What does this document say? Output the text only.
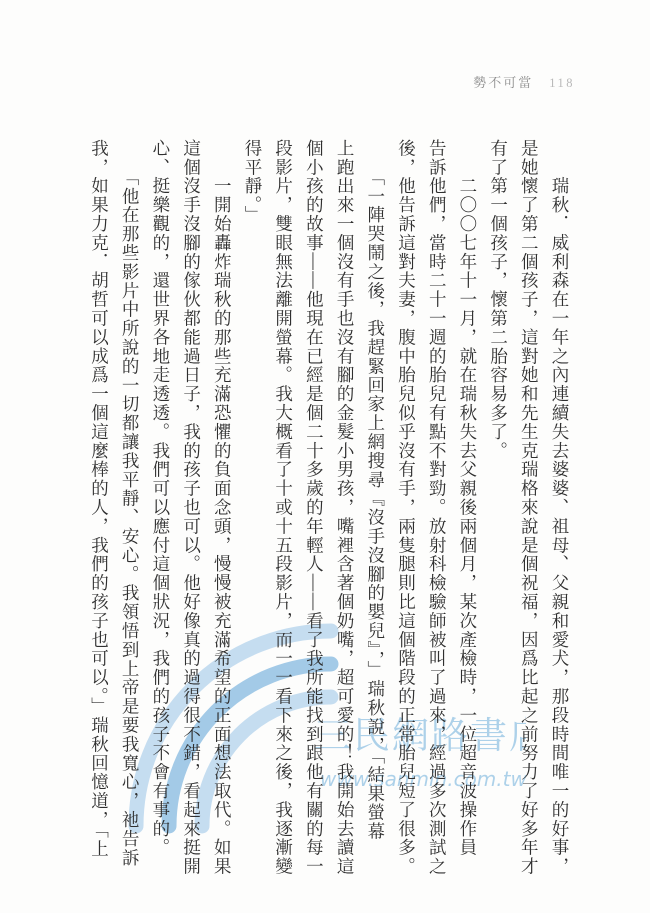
勢不可當 118
三民網路書店
www.sanmin.com.tw	　　瑞秋．威利森在一年之內連續失去婆婆、祖母、父親和愛犬，那段時間唯一的好事，
是她懷了第二個孩子，這對她和先生克瑞格來說是個祝福，因爲比起之前努力了好多年才
有了第一個孩子，懷第二胎容易多了。
　　二〇〇七年十一月，就在瑞秋失去父親後兩個月，某次產檢時，一位超音波操作員
告訴他們，當時二十一週的胎兒有點不對勁。放射科檢驗師被叫了過來，經過多次測試之
後，他告訴這對夫妻，腹中胎兒似乎沒有手，兩隻腿則比這個階段的正常胎兒短了很多。
　　「一陣哭鬧之後，我趕緊回家上網搜尋『沒手沒腳的嬰兒』，」瑞秋說，「結果螢幕
上跑出來一個沒有手也沒有腳的金髮小男孩，嘴裡含著個奶嘴，超可愛的！我開始去讀這
個小孩的故事——他現在已經是個二十多歲的年輕人——看了我所能找到跟他有關的每一
段影片，雙眼無法離開螢幕。我大概看了十或十五段影片，而一一看下來之後，我逐漸變
得平靜。」
　　一開始轟炸瑞秋的那些充滿恐懼的負面念頭，慢慢被充滿希望的正面想法取代。如果
這個沒手沒腳的傢伙都能過日子，我的孩子也可以。他好像真的過得很不錯，看起來挺開
心、挺樂觀的，還世界各地走透透。我們可以應付這個狀況，我們的孩子不會有事的。
　　「他在那些影片中所說的一切都讓我平靜、安心。我領悟到上帝是要我寬心，祂告訴
我，如果力克．胡哲可以成爲一個這麼棒的人，我們的孩子也可以。」瑞秋回憶道，「上
